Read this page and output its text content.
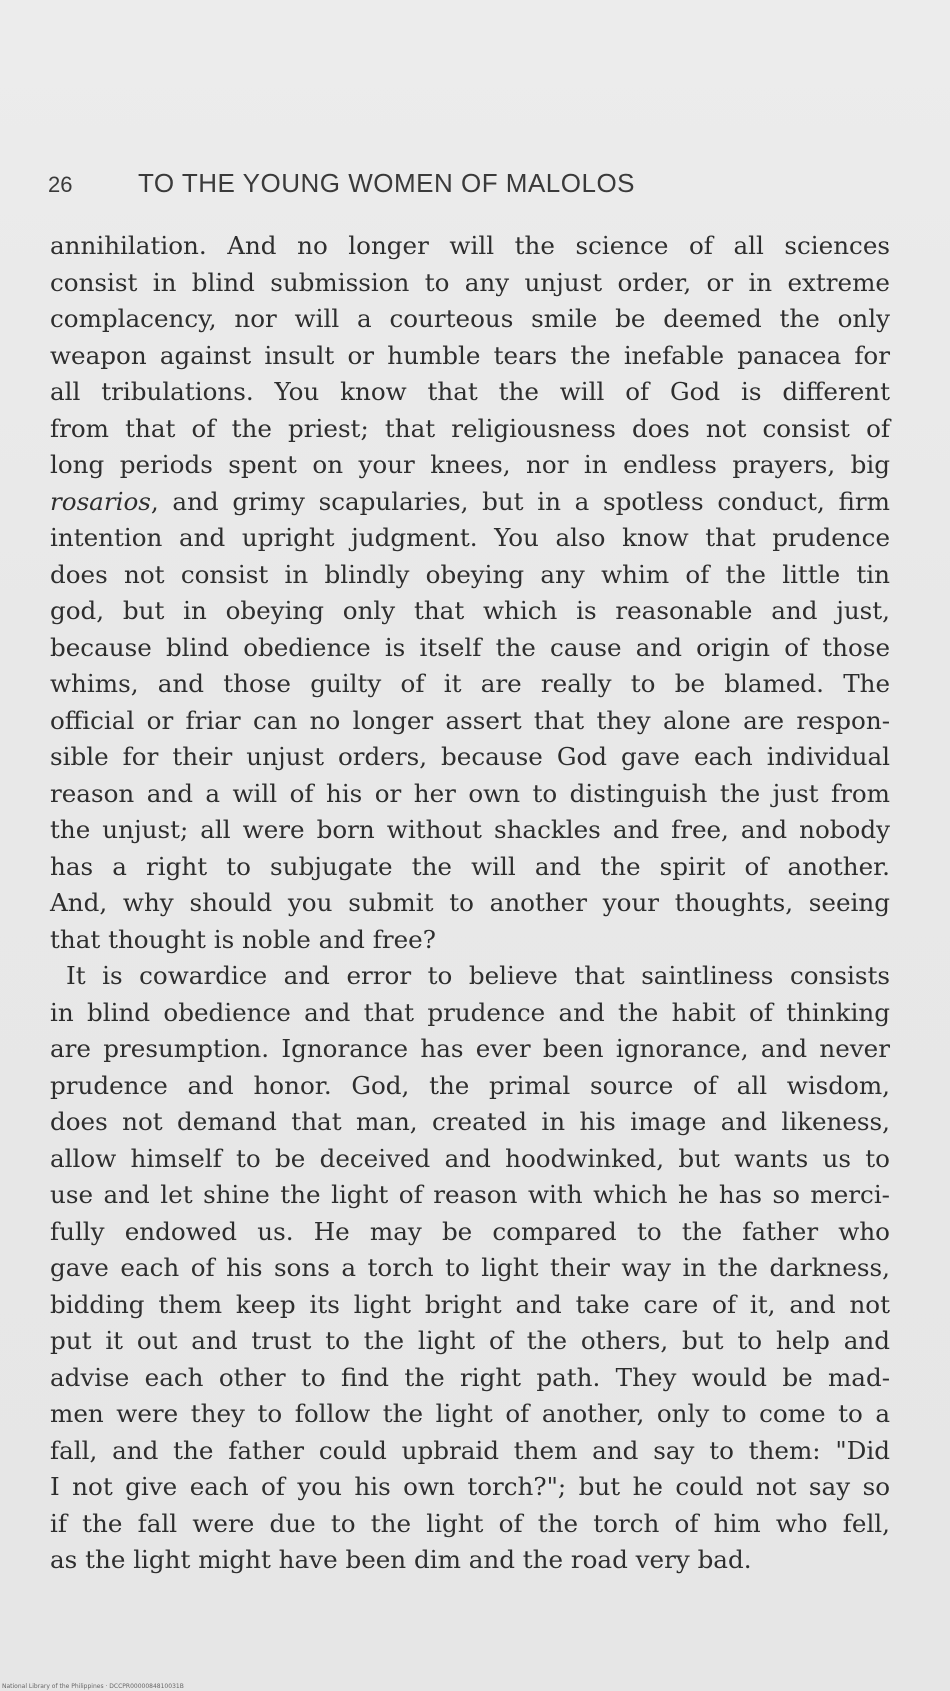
26	TO THE YOUNG WOMEN OF MALOLOS
annihilation. And no longer will the science of all sciences
consist in blind submission to any unjust order, or in extreme
complacency, nor will a courteous smile be deemed the only
weapon against insult or humble tears the inefable panacea for
all tribulations. You know that the will of God is different
from that of the priest; that religiousness does not consist of
long periods spent on your knees, nor in endless prayers, big
rosarios, and grimy scapularies, but in a spotless conduct, firm
intention and upright judgment. You also know that prudence
does not consist in blindly obeying any whim of the little tin
god, but in obeying only that which is reasonable and just,
because blind obedience is itself the cause and origin of those
whims, and those guilty of it are really to be blamed. The
official or friar can no longer assert that they alone are respon-
sible for their unjust orders, because God gave each individual
reason and a will of his or her own to distinguish the just from
the unjust; all were born without shackles and free, and nobody
has a right to subjugate the will and the spirit of another.
And, why should you submit to another your thoughts, seeing
that thought is noble and free?
It is cowardice and error to believe that saintliness consists
in blind obedience and that prudence and the habit of thinking
are presumption. Ignorance has ever been ignorance, and never
prudence and honor. God, the primal source of all wisdom,
does not demand that man, created in his image and likeness,
allow himself to be deceived and hoodwinked, but wants us to
use and let shine the light of reason with which he has so merci-
fully endowed us. He may be compared to the father who
gave each of his sons a torch to light their way in the darkness,
bidding them keep its light bright and take care of it, and not
put it out and trust to the light of the others, but to help and
advise each other to find the right path. They would be mad-
men were they to follow the light of another, only to come to a
fall, and the father could upbraid them and say to them: "Did
I not give each of you his own torch?"; but he could not say so
if the fall were due to the light of the torch of him who fell,
as the light might have been dim and the road very bad.
National Library of the Philippines · DCCPR0000084810031B
